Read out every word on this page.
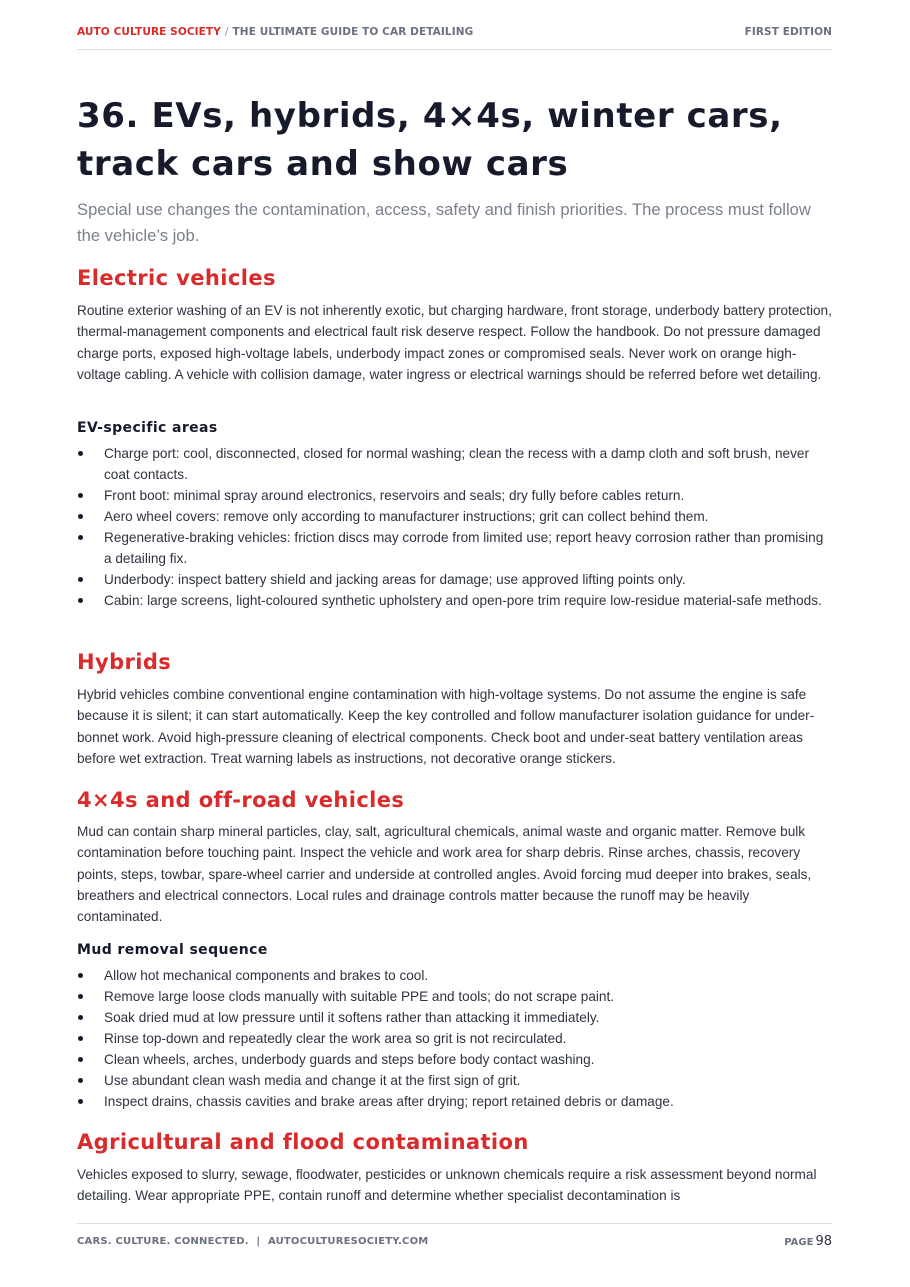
AUTO CULTURE SOCIETY / THE ULTIMATE GUIDE TO CAR DETAILING	FIRST EDITION
36. EVs, hybrids, 4×4s, winter cars, track cars and show cars

Special use changes the contamination, access, safety and finish priorities. The process must follow the vehicle’s job.

Electric vehicles

Routine exterior washing of an EV is not inherently exotic, but charging hardware, front storage, underbody battery protection, thermal-management components and electrical fault risk deserve respect. Follow the handbook. Do not pressure damaged charge ports, exposed high-voltage labels, underbody impact zones or compromised seals. Never work on orange high-voltage cabling. A vehicle with collision damage, water ingress or electrical warnings should be referred before wet detailing.

EV-specific areas
Charge port: cool, disconnected, closed for normal washing; clean the recess with a damp cloth and soft brush, never coat contacts.
Front boot: minimal spray around electronics, reservoirs and seals; dry fully before cables return.
Aero wheel covers: remove only according to manufacturer instructions; grit can collect behind them.
Regenerative-braking vehicles: friction discs may corrode from limited use; report heavy corrosion rather than promising a detailing fix.
Underbody: inspect battery shield and jacking areas for damage; use approved lifting points only.
Cabin: large screens, light-coloured synthetic upholstery and open-pore trim require low-residue material-safe methods.
Hybrids

Hybrid vehicles combine conventional engine contamination with high-voltage systems. Do not assume the engine is safe because it is silent; it can start automatically. Keep the key controlled and follow manufacturer isolation guidance for under-bonnet work. Avoid high-pressure cleaning of electrical components. Check boot and under-seat battery ventilation areas before wet extraction. Treat warning labels as instructions, not decorative orange stickers.

4×4s and off-road vehicles

Mud can contain sharp mineral particles, clay, salt, agricultural chemicals, animal waste and organic matter. Remove bulk contamination before touching paint. Inspect the vehicle and work area for sharp debris. Rinse arches, chassis, recovery points, steps, towbar, spare-wheel carrier and underside at controlled angles. Avoid forcing mud deeper into brakes, seals, breathers and electrical connectors. Local rules and drainage controls matter because the runoff may be heavily contaminated.

Mud removal sequence
Allow hot mechanical components and brakes to cool.
Remove large loose clods manually with suitable PPE and tools; do not scrape paint.
Soak dried mud at low pressure until it softens rather than attacking it immediately.
Rinse top-down and repeatedly clear the work area so grit is not recirculated.
Clean wheels, arches, underbody guards and steps before body contact washing.
Use abundant clean wash media and change it at the first sign of grit.
Inspect drains, chassis cavities and brake areas after drying; report retained debris or damage.
Agricultural and flood contamination

Vehicles exposed to slurry, sewage, floodwater, pesticides or unknown chemicals require a risk assessment beyond normal detailing. Wear appropriate PPE, contain runoff and determine whether specialist decontamination is

CARS. CULTURE. CONNECTED. | AUTOCULTURESOCIETY.COM	PAGE 98
